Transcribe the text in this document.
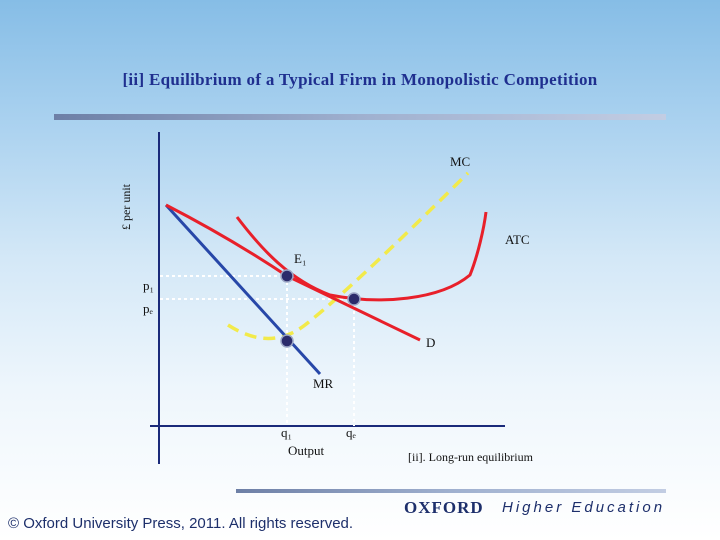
[ii] Equilibrium of a Typical Firm in Monopolistic Competition
£ per unit
MC
ATC
E₁
p₁
pₑ
D
MR
q₁	qₑ
Output	[ii]. Long-run equilibrium
© Oxford University Press, 2011. All rights reserved.
OXFORD Higher Education
